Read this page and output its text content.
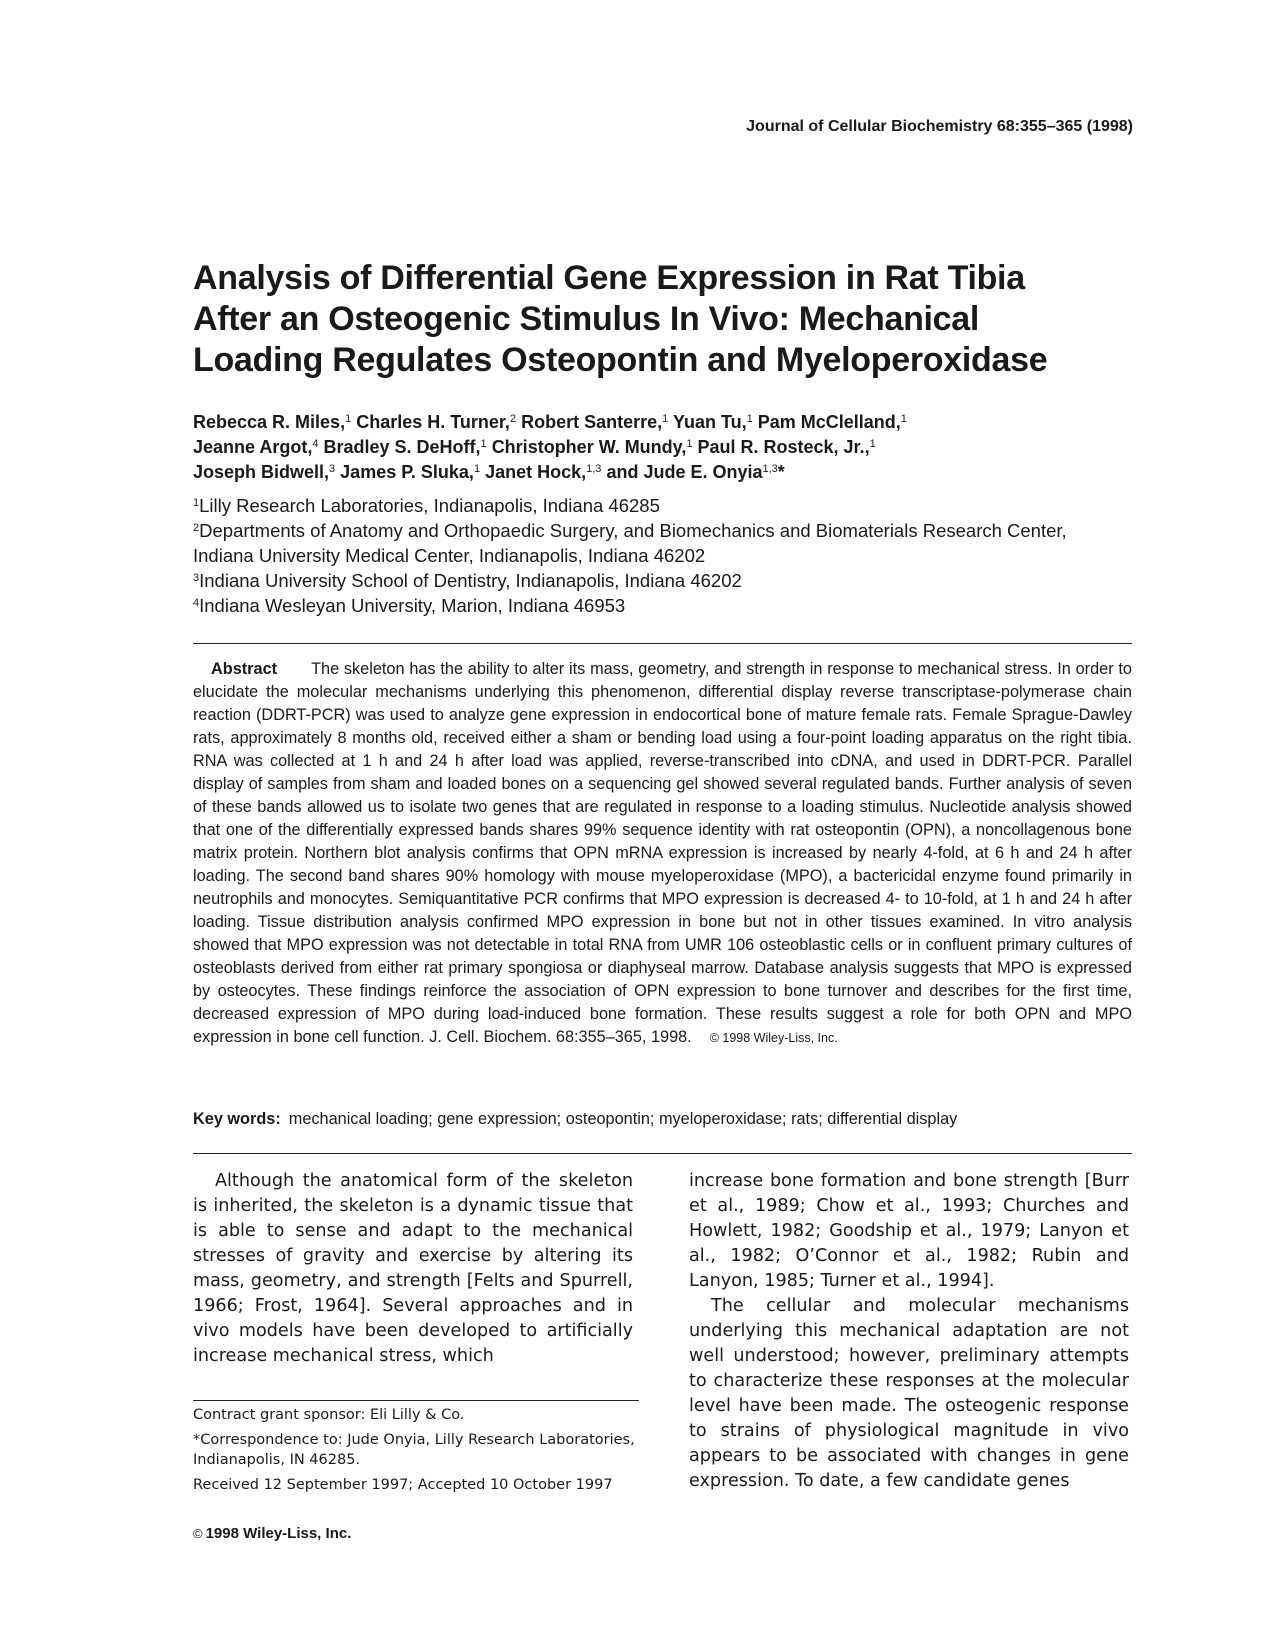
Journal of Cellular Biochemistry 68:355–365 (1998)
Analysis of Differential Gene Expression in Rat Tibia
After an Osteogenic Stimulus In Vivo: Mechanical
Loading Regulates Osteopontin and Myeloperoxidase
Rebecca R. Miles,$^1$ Charles H. Turner,$^2$ Robert Santerre,$^1$ Yuan Tu,$^1$ Pam McClelland,$^1$
Jeanne Argot,$^4$ Bradley S. DeHoff,$^1$ Christopher W. Mundy,$^1$ Paul R. Rosteck, Jr.,$^1$
Joseph Bidwell,$^3$ James P. Sluka,$^1$ Janet Hock,$^{1,3}$ and Jude E. Onyia$^{1,3}$*
$^1$Lilly Research Laboratories, Indianapolis, Indiana 46285
$^2$Departments of Anatomy and Orthopaedic Surgery, and Biomechanics and Biomaterials Research Center,
Indiana University Medical Center, Indianapolis, Indiana 46202
$^3$Indiana University School of Dentistry, Indianapolis, Indiana 46202
$^4$Indiana Wesleyan University, Marion, Indiana 46953
Abstract The skeleton has the ability to alter its mass, geometry, and strength in response to mechanical stress. In order to elucidate the molecular mechanisms underlying this phenomenon, differential display reverse transcriptase-polymerase chain reaction (DDRT-PCR) was used to analyze gene expression in endocortical bone of mature female rats. Female Sprague-Dawley rats, approximately 8 months old, received either a sham or bending load using a four-point loading apparatus on the right tibia. RNA was collected at 1 h and 24 h after load was applied, reverse-transcribed into cDNA, and used in DDRT-PCR. Parallel display of samples from sham and loaded bones on a sequencing gel showed several regulated bands. Further analysis of seven of these bands allowed us to isolate two genes that are regulated in response to a loading stimulus. Nucleotide analysis showed that one of the differentially expressed bands shares 99% sequence identity with rat osteopontin (OPN), a noncollagenous bone matrix protein. Northern blot analysis confirms that OPN mRNA expression is increased by nearly 4-fold, at 6 h and 24 h after loading. The second band shares 90% homology with mouse myeloperoxidase (MPO), a bactericidal enzyme found primarily in neutrophils and monocytes. Semiquantitative PCR confirms that MPO expression is decreased 4- to 10-fold, at 1 h and 24 h after loading. Tissue distribution analysis confirmed MPO expression in bone but not in other tissues examined. In vitro analysis showed that MPO expression was not detectable in total RNA from UMR 106 osteoblastic cells or in confluent primary cultures of osteoblasts derived from either rat primary spongiosa or diaphyseal marrow. Database analysis suggests that MPO is expressed by osteocytes. These findings reinforce the association of OPN expression to bone turnover and describes for the first time, decreased expression of MPO during load-induced bone formation. These results suggest a role for both OPN and MPO expression in bone cell function. J. Cell. Biochem. 68:355–365, 1998. © 1998 Wiley-Liss, Inc.
Key words: mechanical loading; gene expression; osteopontin; myeloperoxidase; rats; differential display

Although the anatomical form of the skeleton is inherited, the skeleton is a dynamic tissue that is able to sense and adapt to the mechanical stresses of gravity and exercise by altering its mass, geometry, and strength [Felts and Spurrell, 1966; Frost, 1964]. Several approaches and in vivo models have been developed to artificially increase mechanical stress, which

increase bone formation and bone strength [Burr et al., 1989; Chow et al., 1993; Churches and Howlett, 1982; Goodship et al., 1979; Lanyon et al., 1982; O’Connor et al., 1982; Rubin and Lanyon, 1985; Turner et al., 1994].

The cellular and molecular mechanisms underlying this mechanical adaptation are not well understood; however, preliminary attempts to characterize these responses at the molecular level have been made. The osteogenic response to strains of physiological magnitude in vivo appears to be associated with changes in gene expression. To date, a few candidate genes

Contract grant sponsor: Eli Lilly & Co.

*Correspondence to: Jude Onyia, Lilly Research Laboratories, Indianapolis, IN 46285.

Received 12 September 1997; Accepted 10 October 1997

© 1998 Wiley-Liss, Inc.
